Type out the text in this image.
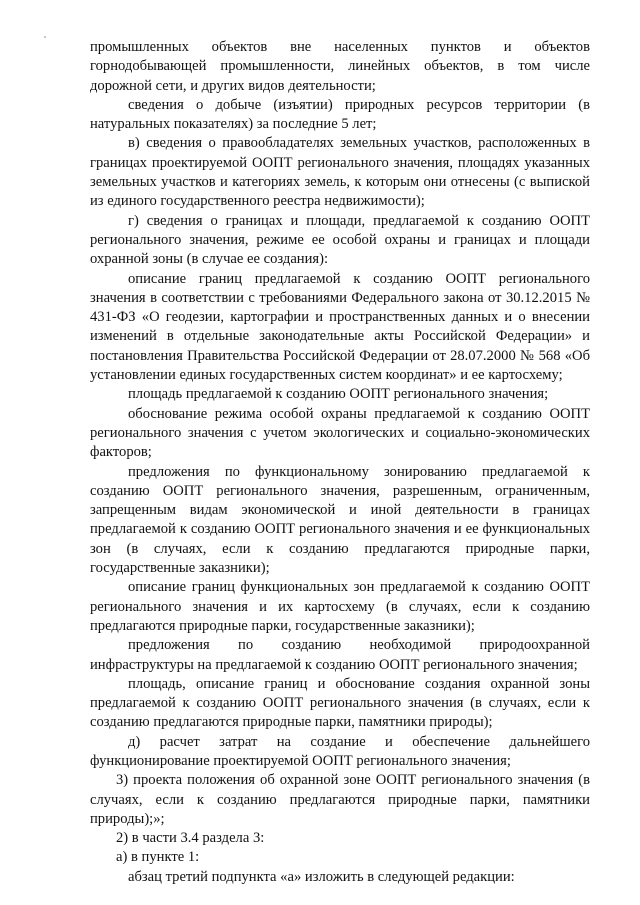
промышленных объектов вне населенных пунктов и объектов горнодобывающей промышленности, линейных объектов, в том числе дорожной сети, и других видов деятельности;

сведения о добыче (изъятии) природных ресурсов территории (в натуральных показателях) за последние 5 лет;

в) сведения о правообладателях земельных участков, расположенных в границах проектируемой ООПТ регионального значения, площадях указанных земельных участков и категориях земель, к которым они отнесены (с выпиской из единого государственного реестра недвижимости);

г) сведения о границах и площади, предлагаемой к созданию ООПТ регионального значения, режиме ее особой охраны и границах и площади охранной зоны (в случае ее создания):

описание границ предлагаемой к созданию ООПТ регионального значения в соответствии с требованиями Федерального закона от 30.12.2015 № 431-ФЗ «О геодезии, картографии и пространственных данных и о внесении изменений в отдельные законодательные акты Российской Федерации» и постановления Правительства Российской Федерации от 28.07.2000 № 568 «Об установлении единых государственных систем координат» и ее картосхему;

площадь предлагаемой к созданию ООПТ регионального значения;

обоснование режима особой охраны предлагаемой к созданию ООПТ регионального значения с учетом экологических и социально-экономических факторов;

предложения по функциональному зонированию предлагаемой к созданию ООПТ регионального значения, разрешенным, ограниченным, запрещенным видам экономической и иной деятельности в границах предлагаемой к созданию ООПТ регионального значения и ее функциональных зон (в случаях, если к созданию предлагаются природные парки, государственные заказники);

описание границ функциональных зон предлагаемой к созданию ООПТ регионального значения и их картосхему (в случаях, если к созданию предлагаются природные парки, государственные заказники);

предложения по созданию необходимой природоохранной инфраструктуры на предлагаемой к созданию ООПТ регионального значения;

площадь, описание границ и обоснование создания охранной зоны предлагаемой к созданию ООПТ регионального значения (в случаях, если к созданию предлагаются природные парки, памятники природы);

д) расчет затрат на создание и обеспечение дальнейшего функционирование проектируемой ООПТ регионального значения;

3) проекта положения об охранной зоне ООПТ регионального значения (в случаях, если к созданию предлагаются природные парки, памятники природы);»;

2) в части 3.4 раздела 3:

а) в пункте 1:

абзац третий подпункта «а» изложить в следующей редакции:
